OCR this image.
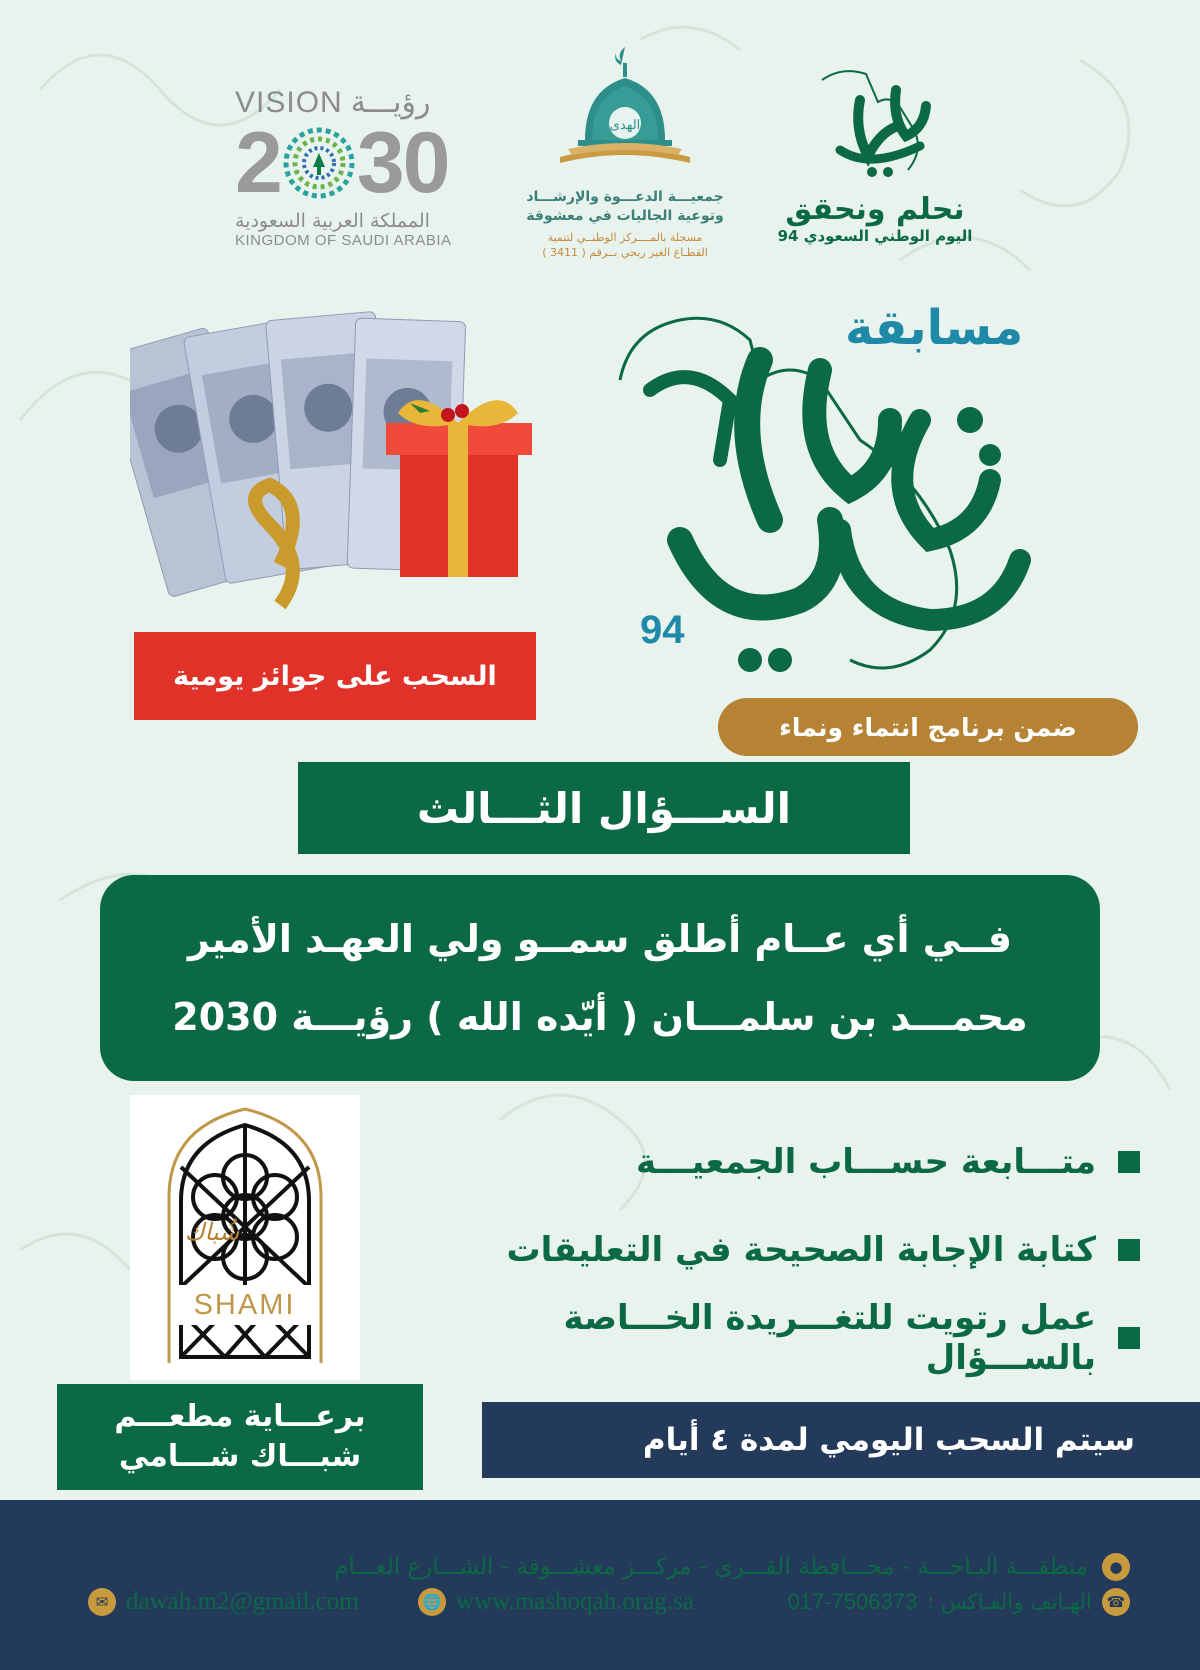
VISION رؤيـــة
2 30
المملكة العربية السعودية
KINGDOM OF SAUDI ARABIA
الهدى
جمعيـــة الدعـــوة والإرشـــاد
وتوعية الجاليات في معشوقة
مسجلة بالمــــركز الوطنــي لتنمية
القطـاع الغير ربحي بــرقم ( 3411 )
نحلم ونحقق
اليوم الوطني السعودي 94
مسابقة
94
ضمن برنامج انتماء ونماء
السحب على جوائز يومية
الســـؤال الثـــالث
فــي أي عــام أطلق سمــو ولي العهـد الأمير
محمـــد بن سلمـــان ( أيّده الله ) رؤيـــة 2030
شُباك
SHAMI
برعـــاية مطعـــم
شبـــاك شـــامي
متـــابعة حســـاب الجمعيـــة
كتابة الإجابة الصحيحة في التعليقات
عمل رتويت للتغـــريدة الخـــاصة بالســـؤال
سيتم السحب اليومي لمدة ٤ أيام
●
منطقـــة البـاحـــة - محـــافظة القـــرى - مركـــز معشـــوقة - الشـــارع العـــام
☎
الهـاتف والفـاكس :
017-7506373
🌐 www.mashoqah.orag.sa
✉ dawah.m2@gmail.com
